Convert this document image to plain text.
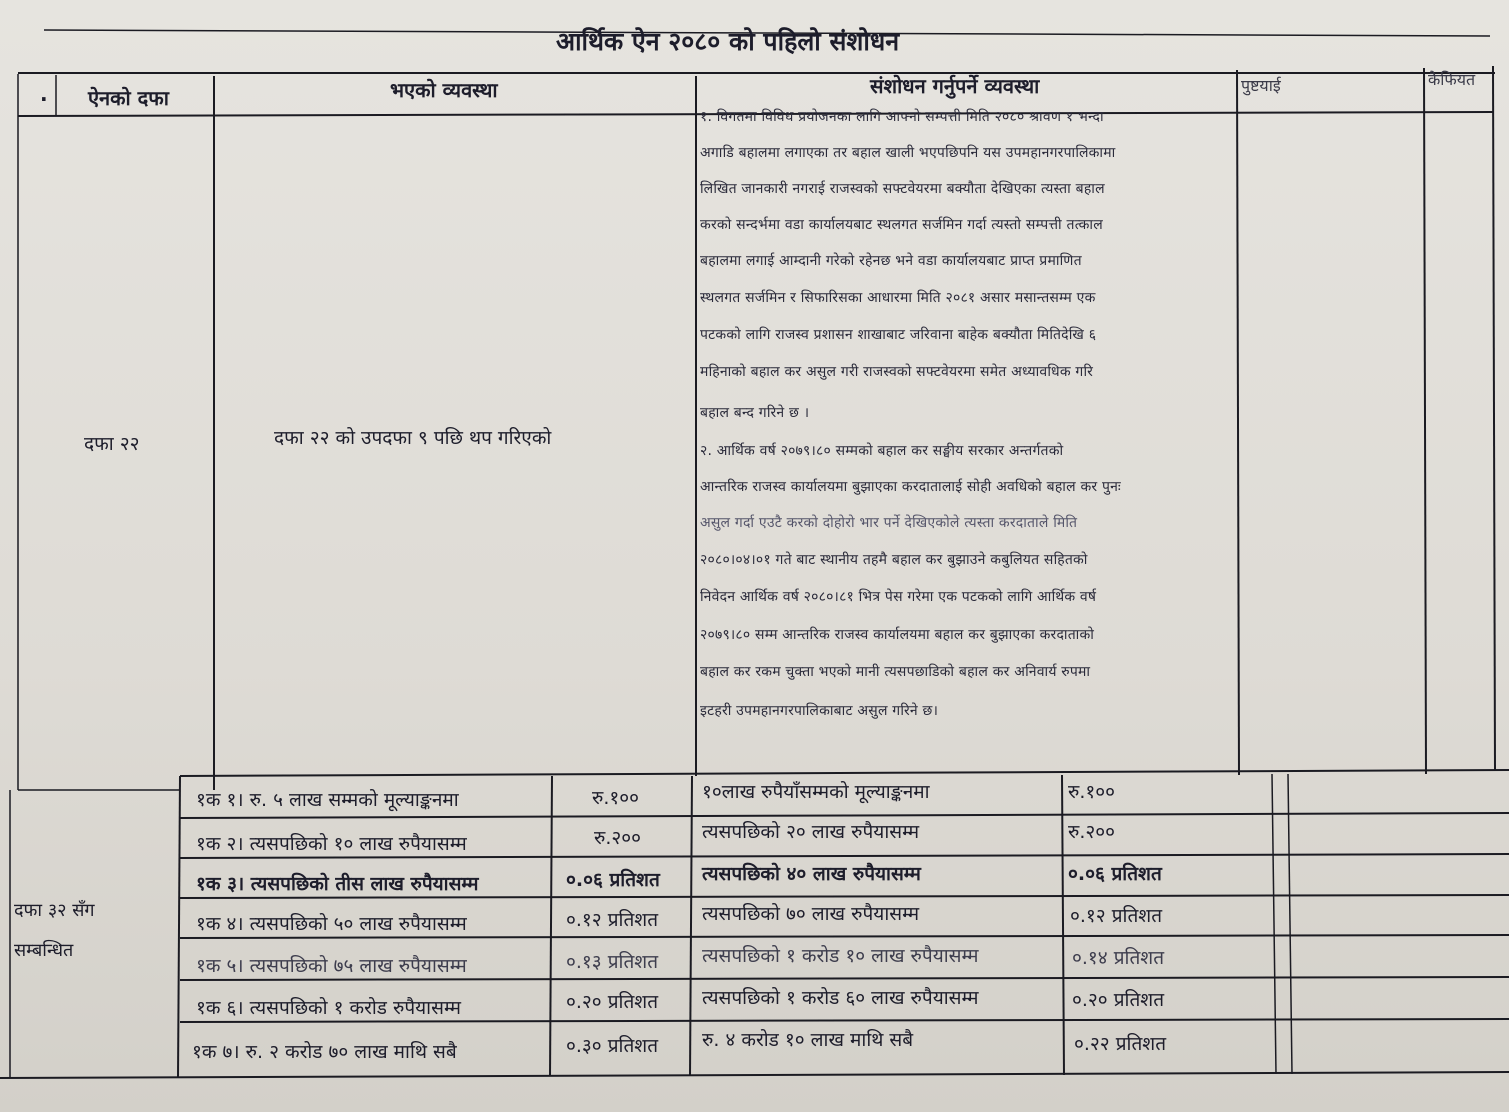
आर्थिक ऐन २०८० को पहिलो संशोधन
. ऐनको दफा	भएको व्यवस्था	संशोधन गर्नुपर्ने व्यवस्था	पुष्टयाई	कैफियत
दफा २२	दफा २२ को उपदफा ९ पछि थप गरिएको
१. विगतमा विविध प्रयोजनका लागि आफ्नो सम्पत्ती मिति २०८० श्रावण १ भन्दा
अगाडि बहालमा लगाएका तर बहाल खाली भएपछिपनि यस उपमहानगरपालिकामा
लिखित जानकारी नगराई राजस्वको सफ्टवेयरमा बक्यौता देखिएका त्यस्ता बहाल
करको सन्दर्भमा वडा कार्यालयबाट स्थलगत सर्जमिन गर्दा त्यस्तो सम्पत्ती तत्काल
बहालमा लगाई आम्दानी गरेको रहेनछ भने वडा कार्यालयबाट प्राप्त प्रमाणित
स्थलगत सर्जमिन र सिफारिसका आधारमा मिति २०८१ असार मसान्तसम्म एक
पटकको लागि राजस्व प्रशासन शाखाबाट जरिवाना बाहेक बक्यौता मितिदेखि ६
महिनाको बहाल कर असुल गरी राजस्वको सफ्टवेयरमा समेत अध्यावधिक गरि
बहाल बन्द गरिने छ ।
२. आर्थिक वर्ष २०७९।८० सम्मको बहाल कर सङ्घीय सरकार अन्तर्गतको
आन्तरिक राजस्व कार्यालयमा बुझाएका करदातालाई सोही अवधिको बहाल कर पुनः
असुल गर्दा एउटै करको दोहोरो भार पर्ने देखिएकोले त्यस्ता करदाताले मिति
२०८०।०४।०१ गते बाट स्थानीय तहमै बहाल कर बुझाउने कबुलियत सहितको
निवेदन आर्थिक वर्ष २०८०।८१ भित्र पेस गरेमा एक पटकको लागि आर्थिक वर्ष
२०७९।८० सम्म आन्तरिक राजस्व कार्यालयमा बहाल कर बुझाएका करदाताको
बहाल कर रकम चुक्ता भएको मानी त्यसपछाडिको बहाल कर अनिवार्य रुपमा
इटहरी उपमहानगरपालिकाबाट असुल गरिने छ।
दफा ३२ सँग
सम्बन्धित
१क १। रु. ५ लाख सम्मको मूल्याङ्कनमा	रु.१००	१०लाख रुपैयाँसम्मको मूल्याङ्कनमा	रु.१००
१क २। त्यसपछिको १० लाख रुपैयासम्म	रु.२००	त्यसपछिको २० लाख रुपैयासम्म	रु.२००
१क ३। त्यसपछिको तीस लाख रुपैयासम्म	०.०६ प्रतिशत त्यसपछिको ४० लाख रुपैयासम्म	०.०६ प्रतिशत
१क ४। त्यसपछिको ५० लाख रुपैयासम्म	०.१२ प्रतिशत त्यसपछिको ७० लाख रुपैयासम्म	०.१२ प्रतिशत
१क ५। त्यसपछिको ७५ लाख रुपैयासम्म	०.१३ प्रतिशत त्यसपछिको १ करोड १० लाख रुपैयासम्म	०.१४ प्रतिशत
१क ६। त्यसपछिको १ करोड रुपैयासम्म	०.२० प्रतिशत त्यसपछिको १ करोड ६० लाख रुपैयासम्म	०.२० प्रतिशत
१क ७। रु. २ करोड ७० लाख माथि सबै	०.३० प्रतिशत रु. ४ करोड १० लाख माथि सबै	०.२२ प्रतिशत
